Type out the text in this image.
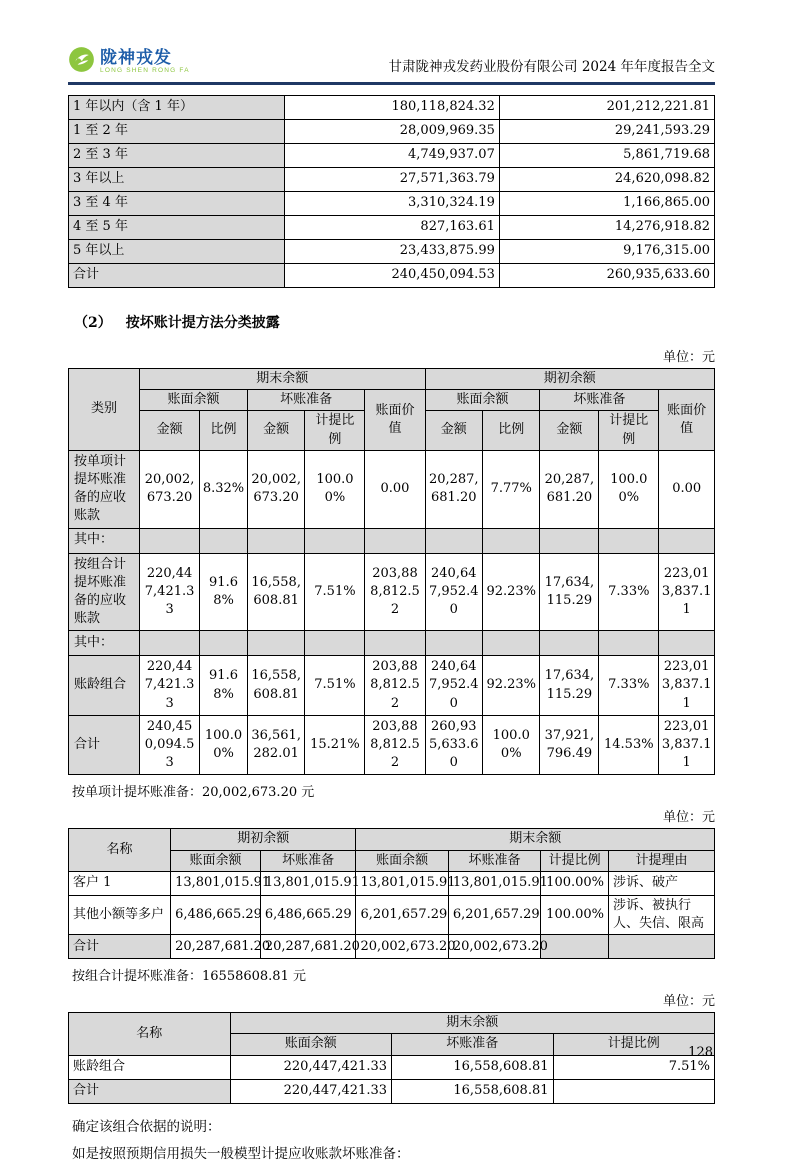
陇神戎发
LONG SHEN RONG FA	甘肃陇神戎发药业股份有限公司 2024 年年度报告全文
1 年以内（含 1 年）	180,118,824.32	201,212,221.81
1 至 2 年	28,009,969.35	29,241,593.29
2 至 3 年	4,749,937.07	5,861,719.68
3 年以上	27,571,363.79	24,620,098.82
3 至 4 年	3,310,324.19	1,166,865.00
4 至 5 年	827,163.61	14,276,918.82
5 年以上	23,433,875.99	9,176,315.00
合计	240,450,094.53	260,935,633.60
（2） 按坏账计提方法分类披露
单位：元
类别	期末余额					期初余额				
	账面余额		坏账准备		账面价值	账面余额		坏账准备		账面价值
	金额	比例	金额	计提比例		金额	比例	金额	计提比例	
按单项计提坏账准备的应收账款	20,002,673.20	8.32%	20,002,673.20	100.00%	0.00	20,287,681.20	7.77%	20,287,681.20	100.00%	0.00
其中：										
按组合计提坏账准备的应收账款	220,447,421.33	91.68%	16,558,608.81	7.51%	203,888,812.52	240,647,952.40	92.23%	17,634,115.29	7.33%	223,013,837.11
其中：										
账龄组合	220,447,421.33	91.68%	16,558,608.81	7.51%	203,888,812.52	240,647,952.40	92.23%	17,634,115.29	7.33%	223,013,837.11
合计	240,450,094.53	100.00%	36,561,282.01	15.21%	203,888,812.52	260,935,633.60	100.00%	37,921,796.49	14.53%	223,013,837.11
按单项计提坏账准备：20,002,673.20 元
单位：元
名称	期初余额		期末余额			
	账面余额	坏账准备	账面余额	坏账准备	计提比例	计提理由
客户 1	13,801,015.91	13,801,015.91	13,801,015.91	13,801,015.91	100.00%	涉诉、破产
其他小额等多户	6,486,665.29	6,486,665.29	6,201,657.29	6,201,657.29	100.00%	涉诉、被执行人、失信、限高
合计	20,287,681.20	20,287,681.20	20,002,673.20	20,002,673.20		
按组合计提坏账准备：16558608.81 元
单位：元
名称	期末余额		
	账面余额	坏账准备	计提比例
账龄组合	220,447,421.33	16,558,608.81	7.51%
合计	220,447,421.33	16,558,608.81	
确定该组合依据的说明：
如是按照预期信用损失一般模型计提应收账款坏账准备：
128
